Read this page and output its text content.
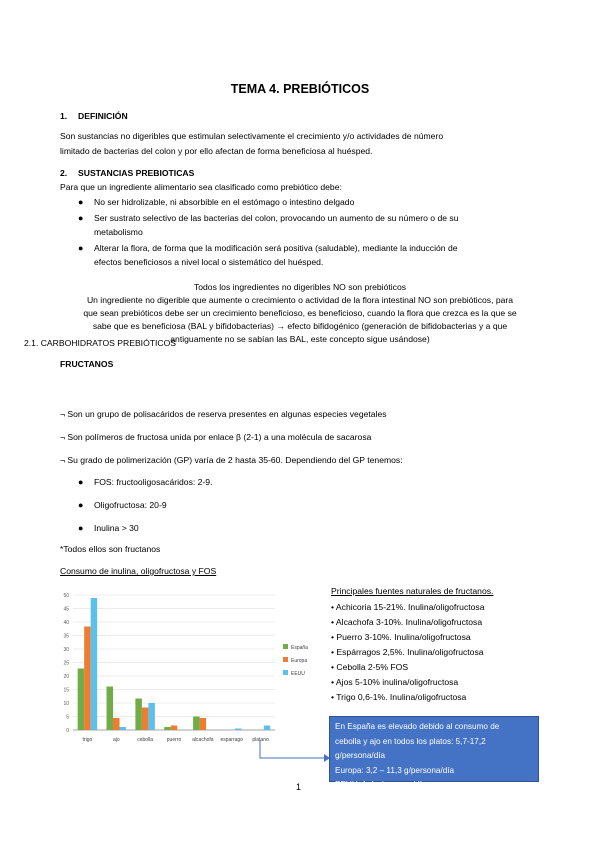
TEMA 4. PREBIÓTICOS
1. DEFINICIÓN
Son sustancias no digeribles que estimulan selectivamente el crecimiento y/o actividades de número
limitado de bacterias del colon y por ello afectan de forma beneficiosa al huésped.
2. SUSTANCIAS PREBIOTICAS
Para que un ingrediente alimentario sea clasificado como prebiótico debe:
● No ser hidrolizable, ni absorbible en el estómago o intestino delgado
● Ser sustrato selectivo de las bacterias del colon, provocando un aumento de su número o de su
metabolismo
● Alterar la flora, de forma que la modificación será positiva (saludable), mediante la inducción de
efectos beneficiosos a nivel local o sistemático del huésped.
Todos los ingredientes no digeribles NO son prebióticos
Un ingrediente no digerible que aumente o crecimiento o actividad de la flora intestinal NO son prebióticos, para
que sean prebióticos debe ser un crecimiento beneficioso, es beneficioso, cuando la flora que crezca es la que se
sabe que es beneficiosa (BAL y bifidobacterias) → efecto bifidogénico (generación de bifidobacterias y a que
antiguamente no se sabían las BAL, este concepto sigue usándose)
2.1. CARBOHIDRATOS PREBIÓTICOS
FRUCTANOS
¬ Son un grupo de polisacáridos de reserva presentes en algunas especies vegetales
¬ Son polímeros de fructosa unida por enlace β (2-1) a una molécula de sacarosa
¬ Su grado de polimerización (GP) varía de 2 hasta 35-60. Dependiendo del GP tenemos:
● FOS: fructooligosacáridos: 2-9.
● Oligofructosa: 20-9
● Inulina > 30
*Todos ellos son fructanos
Consumo de inulina, oligofructosa y FOS
0
5
10
15
20
25
30
35
40
45
50
trigo	ajo	cebolla	puerro alcachofa esparrago platano
España
Europa
EEUU
Principales fuentes naturales de fructanos.
• Achicoria 15-21%. Inulina/oligofructosa
• Alcachofa 3-10%. Inulina/oligofructosa
• Puerro 3-10%. Inulina/oligofructosa
• Espárragos 2,5%. Inulina/oligofructosa
• Cebolla 2-5% FOS
• Ajos 5-10% inulina/oligofructosa
• Trigo 0,6-1%. Inulina/oligofructosa
En España es elevado debido al consumo de
cebolla y ajo en todos los platos: 5,7-17,2
g/persona/día
Europa: 3,2 – 11,3 g/persona/día
EEUU: 1-4 g/persona/día
1
